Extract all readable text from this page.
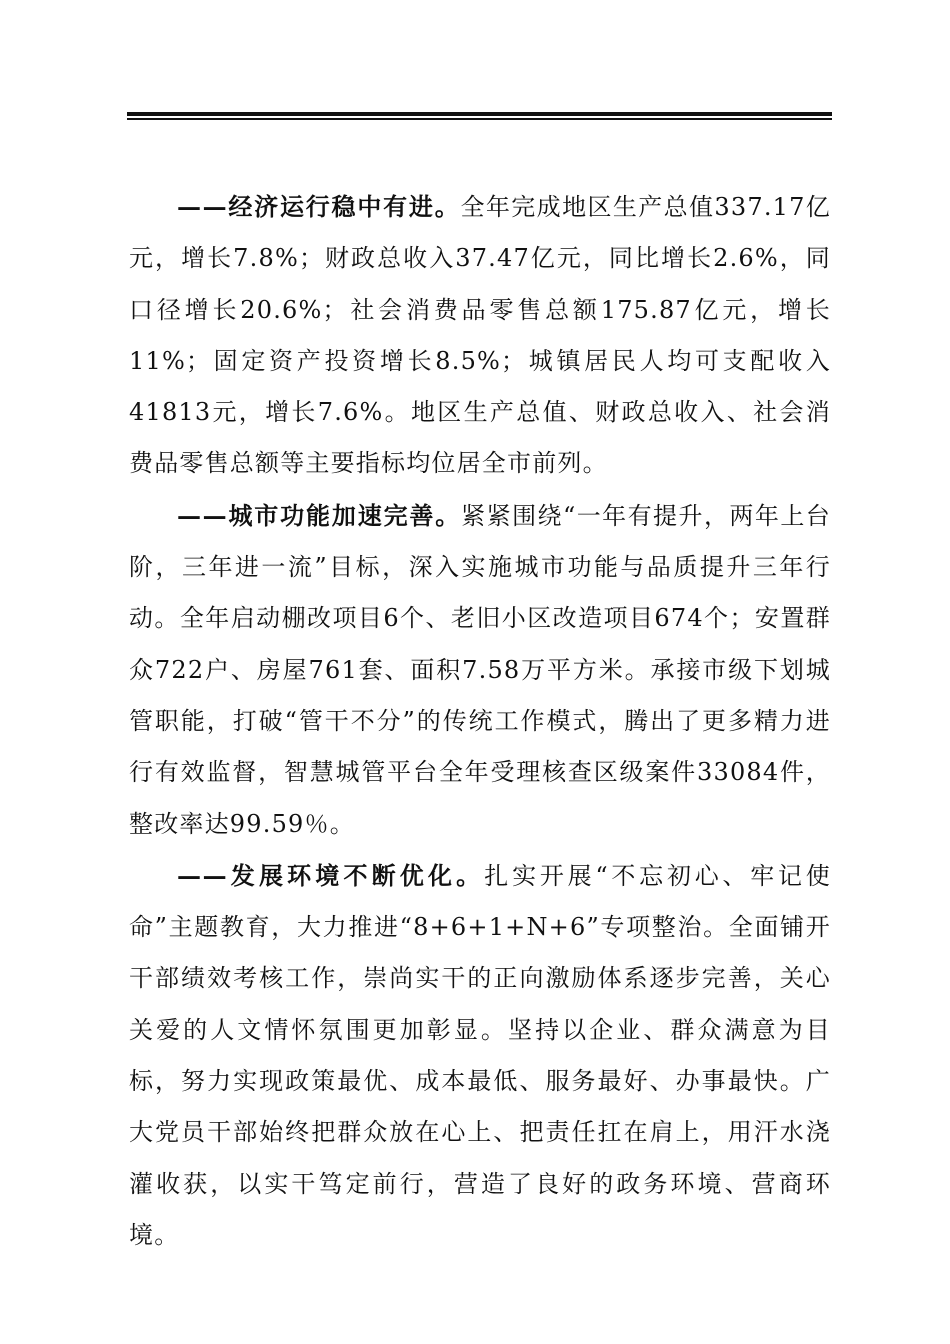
——经济运行稳中有进。全年完成地区生产总值337.17亿元，增长7.8%；财政总收入37.47亿元，同比增长2.6%，同口径增长20.6%；社会消费品零售总额175.87亿元，增长11%；固定资产投资增长8.5%；城镇居民人均可支配收入41813元，增长7.6%。地区生产总值、财政总收入、社会消费品零售总额等主要指标均位居全市前列。

——城市功能加速完善。紧紧围绕“一年有提升，两年上台阶，三年进一流”目标，深入实施城市功能与品质提升三年行动。全年启动棚改项目6个、老旧小区改造项目674个；安置群众722户、房屋761套、面积7.58万平方米。承接市级下划城管职能，打破“管干不分”的传统工作模式，腾出了更多精力进行有效监督，智慧城管平台全年受理核查区级案件33084件，整改率达99.59％。

——发展环境不断优化。扎实开展“不忘初心、牢记使命”主题教育，大力推进“8+6+1+N+6”专项整治。全面铺开干部绩效考核工作，崇尚实干的正向激励体系逐步完善，关心关爱的人文情怀氛围更加彰显。坚持以企业、群众满意为目标，努力实现政策最优、成本最低、服务最好、办事最快。广大党员干部始终把群众放在心上、把责任扛在肩上，用汗水浇灌收获，以实干笃定前行，营造了良好的政务环境、营商环境。
